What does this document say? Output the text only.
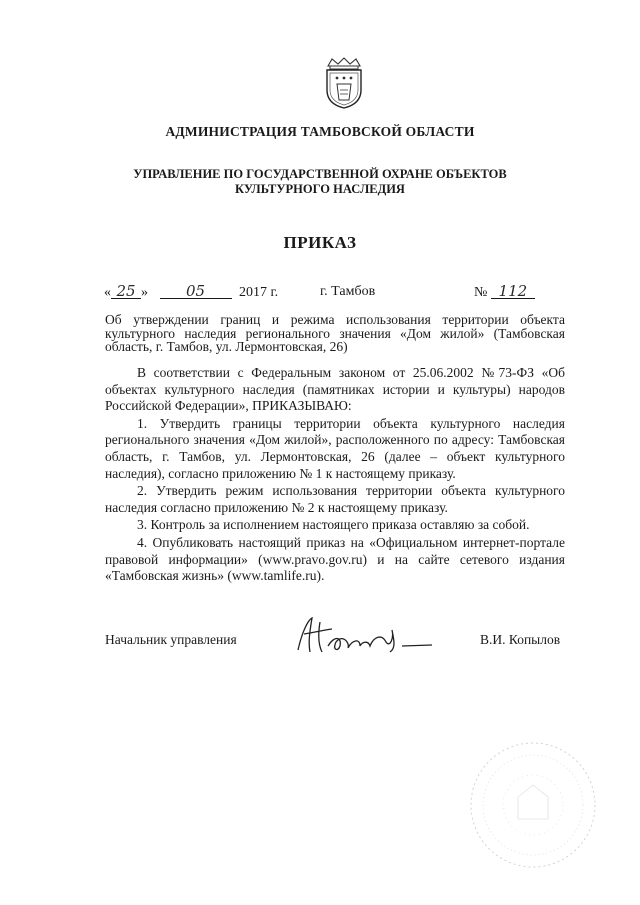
АДМИНИСТРАЦИЯ ТАМБОВСКОЙ ОБЛАСТИ
УПРАВЛЕНИЕ ПО ГОСУДАРСТВЕННОЙ ОХРАНЕ ОБЪЕКТОВ
КУЛЬТУРНОГО НАСЛЕДИЯ
ПРИКАЗ
« 25 »	05 2017 г.	г. Тамбов	№ 112
Об утверждении границ и режима использования территории объекта культурного наследия регионального значения «Дом жилой» (Тамбовская область, г. Тамбов, ул. Лермонтовская, 26)

В соответствии с Федеральным законом от 25.06.2002 №73-ФЗ «Об объектах культурного наследия (памятниках истории и культуры) народов Российской Федерации», ПРИКАЗЫВАЮ:

1. Утвердить границы территории объекта культурного наследия регионального значения «Дом жилой», расположенного по адресу: Тамбовская область, г. Тамбов, ул. Лермонтовская, 26 (далее – объект культурного наследия), согласно приложению № 1 к настоящему приказу.

2. Утвердить режим использования территории объекта культурного наследия согласно приложению № 2 к настоящему приказу.

3. Контроль за исполнением настоящего приказа оставляю за собой.

4. Опубликовать настоящий приказ на «Официальном интернет-портале правовой информации» (www.pravo.gov.ru) и на сайте сетевого издания «Тамбовская жизнь» (www.tamlife.ru).

Начальник управления	В.И. Копылов
